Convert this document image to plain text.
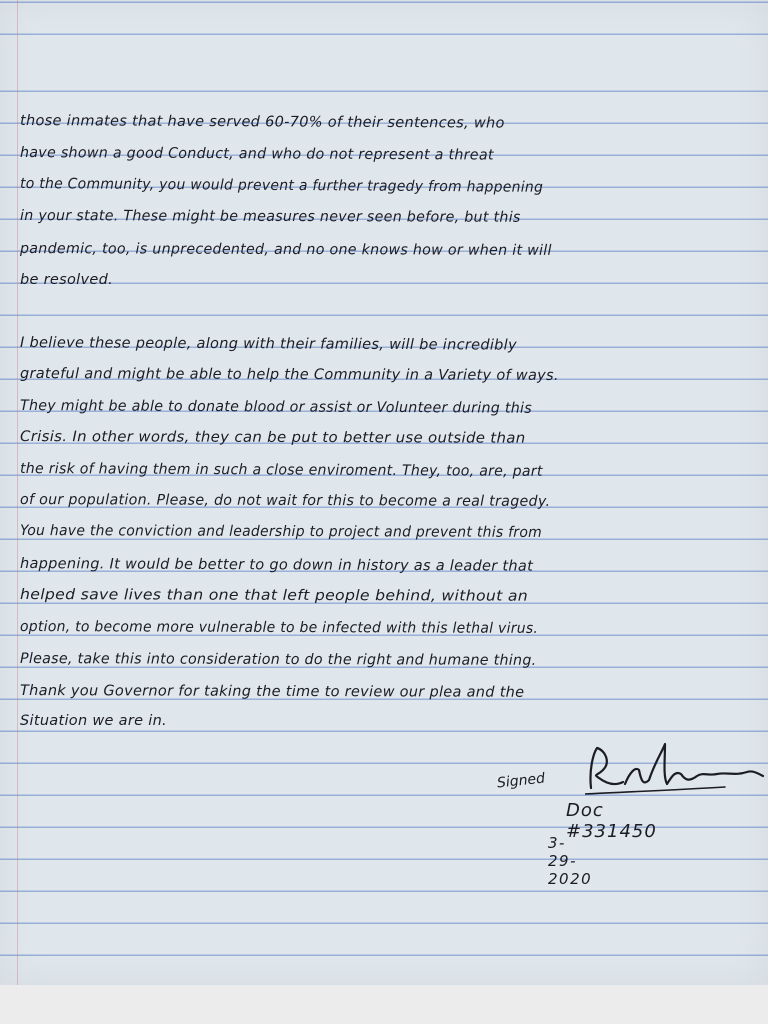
those inmates that have served 60-70% of their sentences, who
have shown a good Conduct, and who do not represent a threat
to the Community, you would prevent a further tragedy from happening
in your state. These might be measures never seen before, but this
pandemic, too, is unprecedented, and no one knows how or when it will
be resolved.
I believe these people, along with their families, will be incredibly
grateful and might be able to help the Community in a Variety of ways.
They might be able to donate blood or assist or Volunteer during this
Crisis. In other words, they can be put to better use outside than
the risk of having them in such a close enviroment. They, too, are, part
of our population. Please, do not wait for this to become a real tragedy.
You have the conviction and leadership to project and prevent this from
happening. It would be better to go down in history as a leader that
helped save lives than one that left people behind, without an
option, to become more vulnerable to be infected with this lethal virus.
Please, take this into consideration to do the right and humane thing.
Thank you Governor for taking the time to review our plea and the
Situation we are in.
Signed
Doc #331450
3-29-2020
